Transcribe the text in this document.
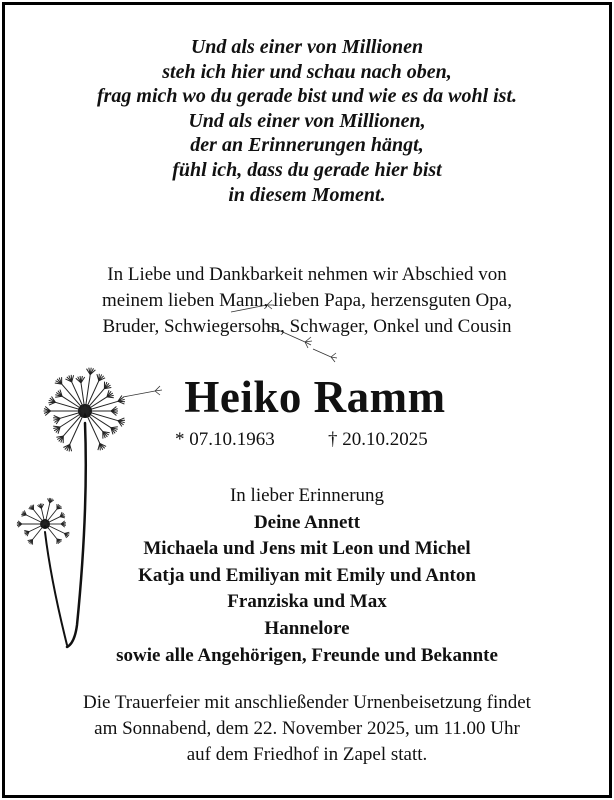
Und als einer von Millionen
steh ich hier und schau nach oben,
frag mich wo du gerade bist und wie es da wohl ist.
Und als einer von Millionen,
der an Erinnerungen hängt,
fühl ich, dass du gerade hier bist
in diesem Moment.
In Liebe und Dankbarkeit nehmen wir Abschied von
meinem lieben Mann, lieben Papa, herzensguten Opa,
Bruder, Schwiegersohn, Schwager, Onkel und Cousin
Heiko Ramm
* 07.10.1963	† 20.10.2025
In lieber Erinnerung
Deine Annett
Michaela und Jens mit Leon und Michel
Katja und Emiliyan mit Emily und Anton
Franziska und Max
Hannelore
sowie alle Angehörigen, Freunde und Bekannte
Die Trauerfeier mit anschließender Urnenbeisetzung findet
am Sonnabend, dem 22. November 2025, um 11.00 Uhr
auf dem Friedhof in Zapel statt.
